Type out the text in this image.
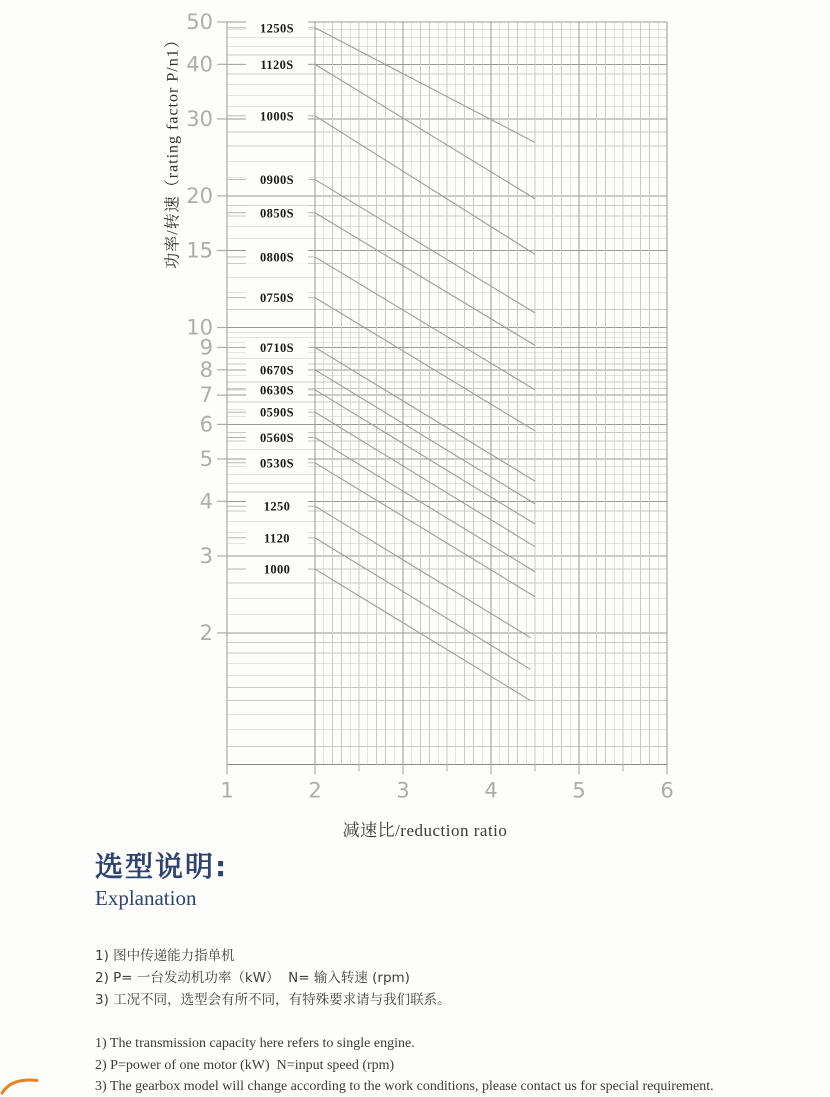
2
3
4
5
6
7
8
9
10
15
20
30
40
50
1	2	3	4	5	6
1250S
1120S
1000S
0900S
0850S
0800S
0750S
0710S
0670S
0630S
0590S
0560S
0530S
1250
1120
1000
功率/转速（rating factor P/n1）
减速比/reduction ratio
选型说明:
Explanation
1) 图中传递能力指单机
2) P= 一台发动机功率（kW）  N= 输入转速 (rpm)
3) 工况不同，选型会有所不同，有特殊要求请与我们联系。
1) The transmission capacity here refers to single engine.
2) P=power of one motor (kW)  N=input speed (rpm)
3) The gearbox model will change according to the work conditions, please contact us for special requirement.
